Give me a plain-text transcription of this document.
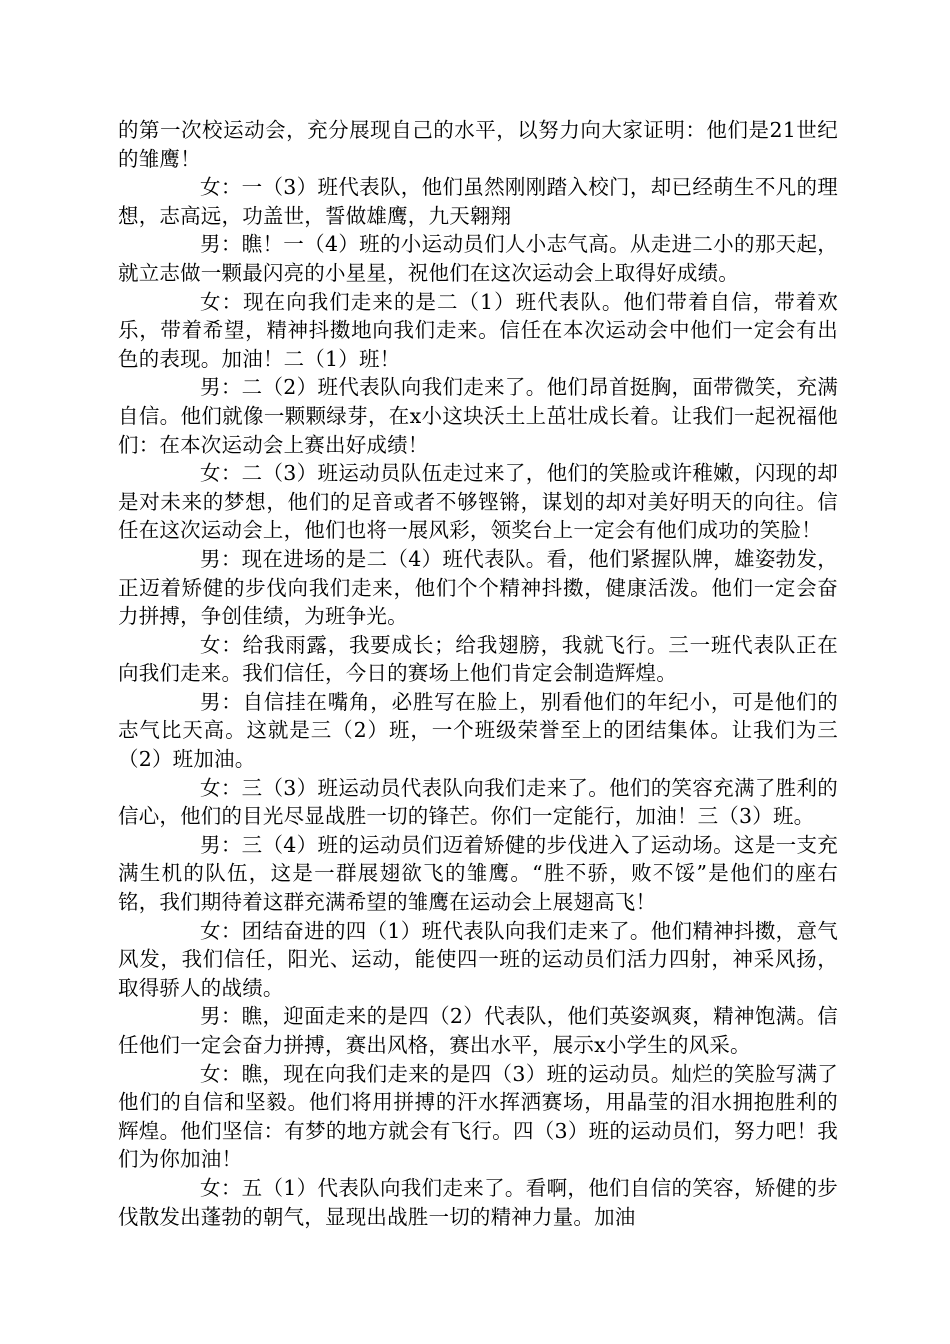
的第一次校运动会，充分展现自己的水平，以努力向大家证明：他们是21世纪的雏鹰！

女：一（3）班代表队，他们虽然刚刚踏入校门，却已经萌生不凡的理想，志高远，功盖世，誓做雄鹰，九天翱翔

男：瞧！一（4）班的小运动员们人小志气高。从走进二小的那天起，就立志做一颗最闪亮的小星星，祝他们在这次运动会上取得好成绩。

女：现在向我们走来的是二（1）班代表队。他们带着自信，带着欢乐，带着希望，精神抖擞地向我们走来。信任在本次运动会中他们一定会有出色的表现。加油！二（1）班！

男：二（2）班代表队向我们走来了。他们昂首挺胸，面带微笑，充满自信。他们就像一颗颗绿芽，在x小这块沃土上茁壮成长着。让我们一起祝福他们：在本次运动会上赛出好成绩！

女：二（3）班运动员队伍走过来了，他们的笑脸或许稚嫩，闪现的却是对未来的梦想，他们的足音或者不够铿锵，谋划的却对美好明天的向往。信任在这次运动会上，他们也将一展风彩，领奖台上一定会有他们成功的笑脸！

男：现在进场的是二（4）班代表队。看，他们紧握队牌，雄姿勃发，正迈着矫健的步伐向我们走来，他们个个精神抖擞，健康活泼。他们一定会奋力拼搏，争创佳绩，为班争光。

女：给我雨露，我要成长；给我翅膀，我就飞行。三一班代表队正在向我们走来。我们信任，今日的赛场上他们肯定会制造辉煌。

男：自信挂在嘴角，必胜写在脸上，别看他们的年纪小，可是他们的志气比天高。这就是三（2）班，一个班级荣誉至上的团结集体。让我们为三（2）班加油。

女：三（3）班运动员代表队向我们走来了。他们的笑容充满了胜利的信心，他们的目光尽显战胜一切的锋芒。你们一定能行，加油！三（3）班。

男：三（4）班的运动员们迈着矫健的步伐进入了运动场。这是一支充满生机的队伍，这是一群展翅欲飞的雏鹰。“胜不骄，败不馁”是他们的座右铭，我们期待着这群充满希望的雏鹰在运动会上展翅高飞！

女：团结奋进的四（1）班代表队向我们走来了。他们精神抖擞，意气风发，我们信任，阳光、运动，能使四一班的运动员们活力四射，神采风扬，取得骄人的战绩。

男：瞧，迎面走来的是四（2）代表队，他们英姿飒爽，精神饱满。信任他们一定会奋力拼搏，赛出风格，赛出水平，展示x小学生的风采。

女：瞧，现在向我们走来的是四（3）班的运动员。灿烂的笑脸写满了他们的自信和坚毅。他们将用拼搏的汗水挥洒赛场，用晶莹的泪水拥抱胜利的辉煌。他们坚信：有梦的地方就会有飞行。四（3）班的运动员们，努力吧！我们为你加油！

女：五（1）代表队向我们走来了。看啊，他们自信的笑容，矫健的步伐散发出蓬勃的朝气，显现出战胜一切的精神力量。加油
